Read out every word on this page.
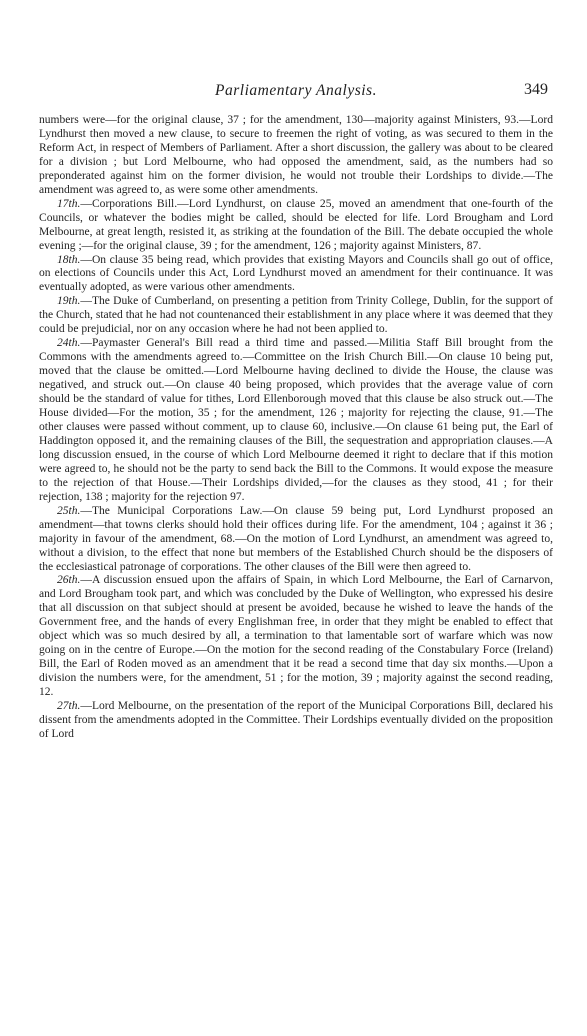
Parliamentary Analysis.	349

numbers were—for the original clause, 37 ; for the amendment, 130—majority against Ministers, 93.—Lord Lyndhurst then moved a new clause, to secure to freemen the right of voting, as was secured to them in the Reform Act, in respect of Members of Parliament. After a short discussion, the gallery was about to be cleared for a division ; but Lord Melbourne, who had opposed the amendment, said, as the numbers had so preponderated against him on the former division, he would not trouble their Lordships to divide.—The amendment was agreed to, as were some other amendments.

17th.—Corporations Bill.—Lord Lyndhurst, on clause 25, moved an amendment that one-fourth of the Councils, or whatever the bodies might be called, should be elected for life. Lord Brougham and Lord Melbourne, at great length, resisted it, as striking at the foundation of the Bill. The debate occupied the whole evening ;—for the original clause, 39 ; for the amendment, 126 ; majority against Ministers, 87.

18th.—On clause 35 being read, which provides that existing Mayors and Councils shall go out of office, on elections of Councils under this Act, Lord Lyndhurst moved an amendment for their continuance. It was eventually adopted, as were various other amendments.

19th.—The Duke of Cumberland, on presenting a petition from Trinity College, Dublin, for the support of the Church, stated that he had not countenanced their establishment in any place where it was deemed that they could be prejudicial, nor on any occasion where he had not been applied to.

24th.—Paymaster General's Bill read a third time and passed.—Militia Staff Bill brought from the Commons with the amendments agreed to.—Committee on the Irish Church Bill.—On clause 10 being put, moved that the clause be omitted.—Lord Melbourne having declined to divide the House, the clause was negatived, and struck out.—On clause 40 being proposed, which provides that the average value of corn should be the standard of value for tithes, Lord Ellenborough moved that this clause be also struck out.—The House divided—For the motion, 35 ; for the amendment, 126 ; majority for rejecting the clause, 91.—The other clauses were passed without comment, up to clause 60, inclusive.—On clause 61 being put, the Earl of Haddington opposed it, and the remaining clauses of the Bill, the sequestration and appropriation clauses.—A long discussion ensued, in the course of which Lord Melbourne deemed it right to declare that if this motion were agreed to, he should not be the party to send back the Bill to the Commons. It would expose the measure to the rejection of that House.—Their Lordships divided,—for the clauses as they stood, 41 ; for their rejection, 138 ; majority for the rejection 97.

25th.—The Municipal Corporations Law.—On clause 59 being put, Lord Lyndhurst proposed an amendment—that towns clerks should hold their offices during life. For the amendment, 104 ; against it 36 ; majority in favour of the amendment, 68.—On the motion of Lord Lyndhurst, an amendment was agreed to, without a division, to the effect that none but members of the Established Church should be the disposers of the ecclesiastical patronage of corporations. The other clauses of the Bill were then agreed to.

26th.—A discussion ensued upon the affairs of Spain, in which Lord Melbourne, the Earl of Carnarvon, and Lord Brougham took part, and which was concluded by the Duke of Wellington, who expressed his desire that all discussion on that subject should at present be avoided, because he wished to leave the hands of the Government free, and the hands of every Englishman free, in order that they might be enabled to effect that object which was so much desired by all, a termination to that lamentable sort of warfare which was now going on in the centre of Europe.—On the motion for the second reading of the Constabulary Force (Ireland) Bill, the Earl of Roden moved as an amendment that it be read a second time that day six months.—Upon a division the numbers were, for the amendment, 51 ; for the motion, 39 ; majority against the second reading, 12.

27th.—Lord Melbourne, on the presentation of the report of the Municipal Corporations Bill, declared his dissent from the amendments adopted in the Committee. Their Lordships eventually divided on the proposition of Lord
